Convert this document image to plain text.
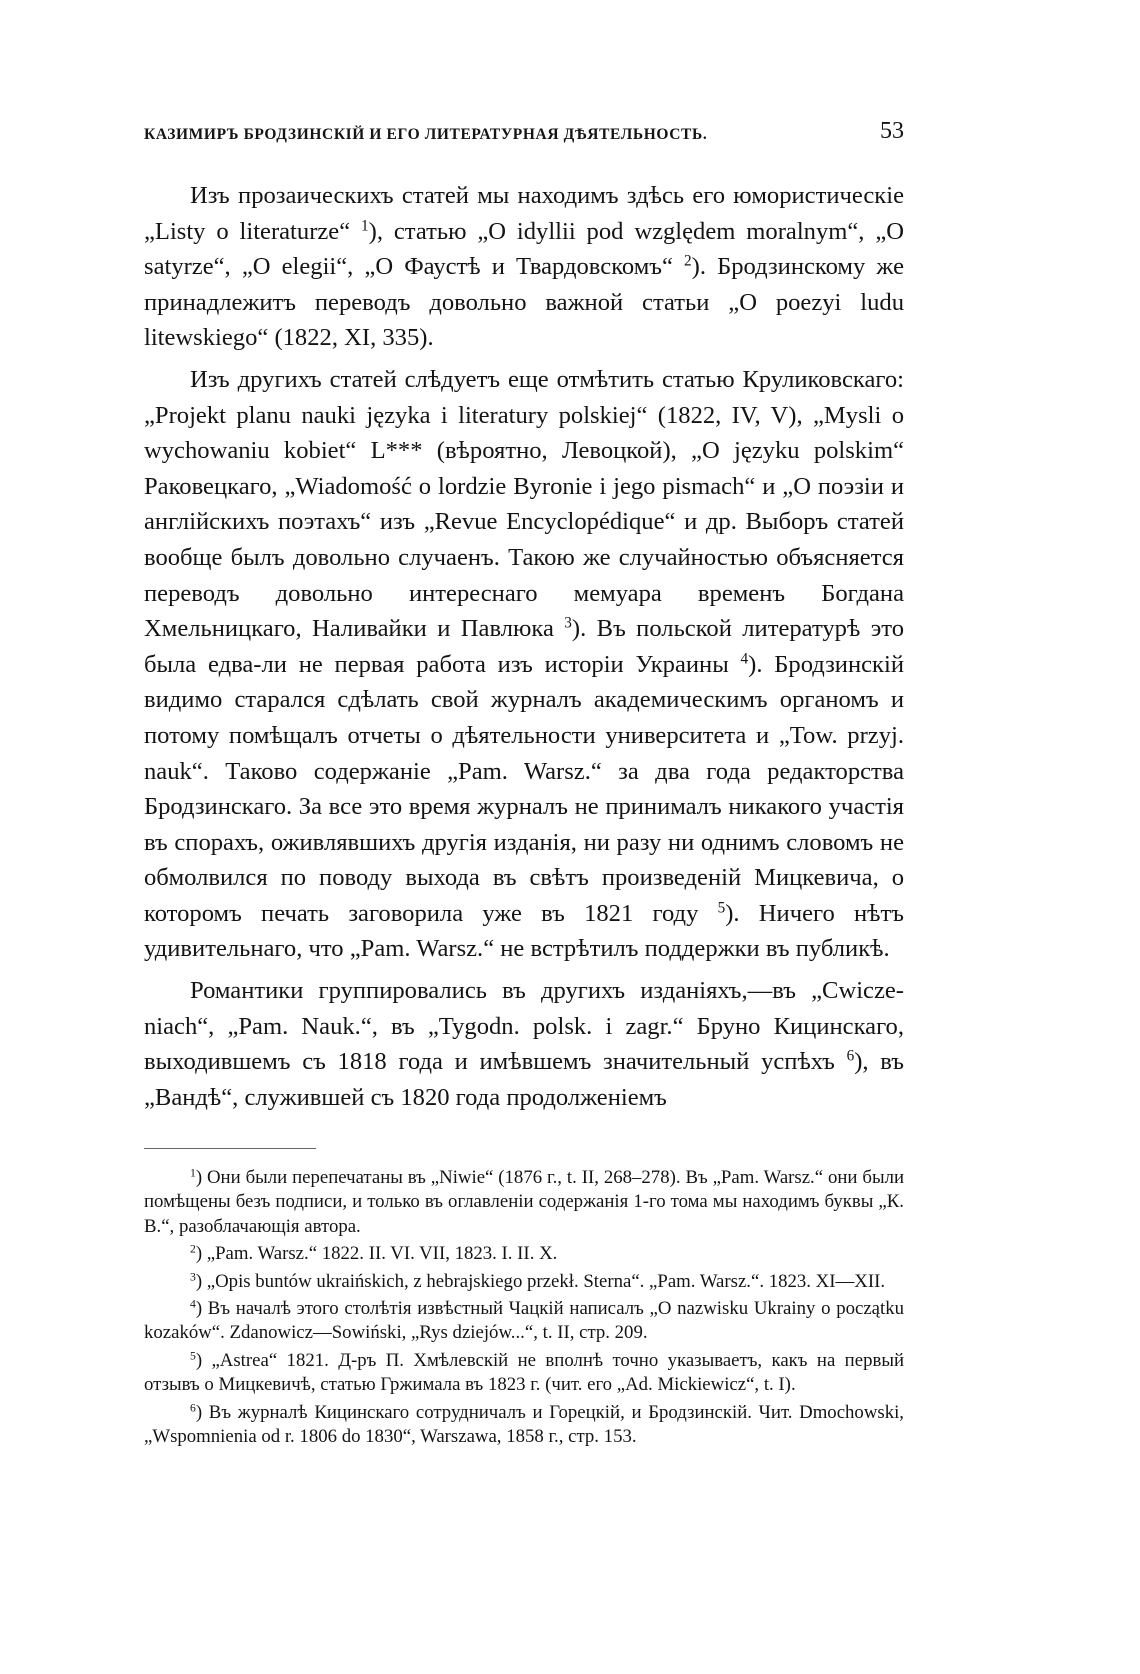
КАЗИМИРЪ БРОДЗИНСКІЙ И ЕГО ЛИТЕРАТУРНАЯ ДѢЯТЕЛЬНОСТЬ.	53

Изъ прозаическихъ статей мы находимъ здѣсь его юмористическіе „Listy o literaturze“ $^1$), статью „O idyllii pod względem moralnym“, „O satyrze“, „O elegii“, „O Фаустѣ и Твардовскомъ“ $^2$). Бродзинскому же принадлежитъ переводъ довольно важной статьи „O poezyi ludu litewskiego“ (1822, XI, 335).

Изъ другихъ статей слѣдуетъ еще отмѣтить статью Круликовскаго: „Projekt planu nauki języka i literatury polskiej“ (1822, IV, V), „Mysli o wychowaniu kobiet“ L*** (вѣроятно, Левоцкой), „O języku polskim“ Раковецкаго, „Wiadomość o lordzie Byronie i jego pismach“ и „О поэзіи и англійскихъ поэтахъ“ изъ „Revue Encyclopédique“ и др. Выборъ статей вообще былъ довольно случаенъ. Такою же случайностью объясняется переводъ довольно интереснаго мемуара временъ Богдана Хмельницкаго, Наливайки и Павлюка $^3$). Въ польской литературѣ это была едва-ли не первая работа изъ исторіи Украины $^4$). Бродзинскій видимо старался сдѣлать свой журналъ академическимъ органомъ и потому помѣщалъ отчеты о дѣятельности университета и „Tow. przyj. nauk“. Таково содержаніе „Pam. Warsz.“ за два года редакторства Бродзинскаго. За все это время журналъ не принималъ никакого участія въ спорахъ, оживлявшихъ другія изданія, ни разу ни однимъ словомъ не обмолвился по поводу выхода въ свѣтъ произведеній Мицкевича, о которомъ печать заговорила уже въ 1821 году $^5$). Ничего нѣтъ удивительнаго, что „Pam. Warsz.“ не встрѣтилъ поддержки въ публикѣ.

Романтики группировались въ другихъ изданіяхъ,—въ „Cwiczeniach“, „Pam. Nauk.“, въ „Tygodn. polsk. i zagr.“ Бруно Кицинскаго, выходившемъ съ 1818 года и имѣвшемъ значительный успѣхъ $^6$), въ „Вандѣ“, служившей съ 1820 года продолженіемъ

$^1$) Они были перепечатаны въ „Niwie“ (1876 г., t. II, 268–278). Въ „Pam. Warsz.“ они были помѣщены безъ подписи, и только въ оглавленіи содержанія 1-го тома мы находимъ буквы „К. В.“, разоблачающія автора.

$^2$) „Pam. Warsz.“ 1822. II. VI. VII, 1823. I. II. X.

$^3$) „Opis buntów ukraińskich, z hebrajskiego przekł. Sterna“. „Pam. Warsz.“. 1823. XI—XII.

$^4$) Въ началѣ этого столѣтія извѣстный Чацкій написалъ „O nazwisku Ukrainy o początku kozaków“. Zdanowicz—Sowiński, „Rys dziejów...“, t. II, стр. 209.

$^5$) „Astrea“ 1821. Д-ръ П. Хмѣлевскій не вполнѣ точно указываетъ, какъ на первый отзывъ о Мицкевичѣ, статью Гржимала въ 1823 г. (чит. его „Ad. Mickiewicz“, t. I).

$^6$) Въ журналѣ Кицинскаго сотрудничалъ и Горецкій, и Бродзинскій. Чит. Dmochowski, „Wspomnienia od r. 1806 do 1830“, Warszawa, 1858 г., стр. 153.
